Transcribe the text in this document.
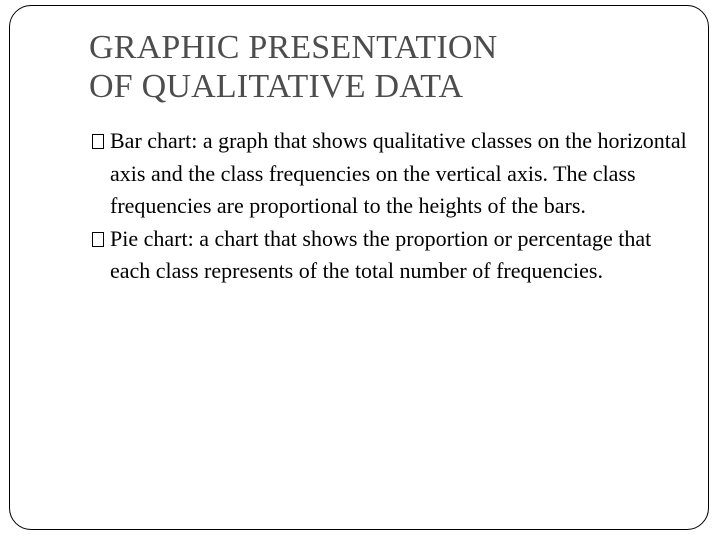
GRAPHIC PRESENTATION
OF QUALITATIVE DATA
Bar chart: a graph that shows qualitative classes on the horizontal axis and the class frequencies on the vertical axis. The class frequencies are proportional to the heights of the bars.
Pie chart: a chart that shows the proportion or percentage that each class represents of the total number of frequencies.
